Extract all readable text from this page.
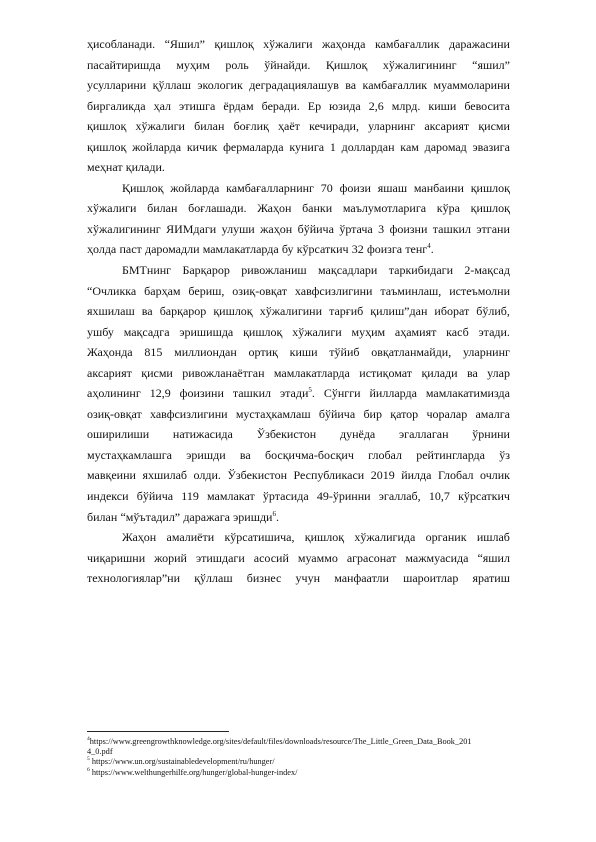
ҳисобланади. “Яшил” қишлоқ хўжалиги жаҳонда камбағаллик даражасини
пасайтиришда муҳим роль ўйнайди. Қишлоқ хўжалигининг “яшил”
усулларини қўллаш экологик деградациялашув ва камбағаллик муаммоларини
биргаликда ҳал этишга ёрдам беради. Ер юзида 2,6 млрд. киши бевосита
қишлоқ хўжалиги билан боғлиқ ҳаёт кечиради, уларнинг аксарият қисми
қишлоқ жойларда кичик фермаларда кунига 1 доллардан кам даромад эвазига
меҳнат қилади.
Қишлоқ жойларда камбағалларнинг 70 фоизи яшаш манбаини қишлоқ
хўжалиги билан боғлашади. Жаҳон банки маълумотларига кўра қишлоқ
хўжалигининг ЯИМдаги улуши жаҳон бўйича ўртача 3 фоизни ташкил этгани
ҳолда паст даромадли мамлакатларда бу кўрсаткич 32 фоизга тенг$^4$.
БМТнинг Барқарор ривожланиш мақсадлари таркибидаги 2-мақсад
“Очликка барҳам бериш, озиқ-овқат хавфсизлигини таъминлаш, истеъмолни
яхшилаш ва барқарор қишлоқ хўжалигини тарғиб қилиш”дан иборат бўлиб,
ушбу мақсадга эришишда қишлоқ хўжалиги муҳим аҳамият касб этади.
Жаҳонда 815 миллиондан ортиқ киши тўйиб овқатланмайди, уларнинг
аксарият қисми ривожланаётган мамлакатларда истиқомат қилади ва улар
аҳолининг 12,9 фоизини ташкил этади$^5$. Сўнгги йилларда мамлакатимизда
озиқ-овқат хавфсизлигини мустаҳкамлаш бўйича бир қатор чоралар амалга
оширилиши натижасида Ўзбекистон дунёда эгаллаган ўрнини
мустаҳкамлашга эришди ва босқичма-босқич глобал рейтингларда ўз
мавқеини яхшилаб олди. Ўзбекистон Республикаси 2019 йилда Глобал очлик
индекси бўйича 119 мамлакат ўртасида 49-ўринни эгаллаб, 10,7 кўрсаткич
билан “мўътадил” даражага эришди$^6$.
Жаҳон амалиёти кўрсатишича, қишлоқ хўжалигида органик ишлаб
чиқаришни жорий этишдаги асосий муаммо аграсонат мажмуасида “яшил
технологиялар”ни қўллаш бизнес учун манфаатли шароитлар яратиш
$^4$https://www.greengrowthknowledge.org/sites/default/files/downloads/resource/The_Little_Green_Data_Book_201
4_0.pdf
$^5$ https://www.un.org/sustainabledevelopment/ru/hunger/
$^6$ https://www.welthungerhilfe.org/hunger/global-hunger-index/
